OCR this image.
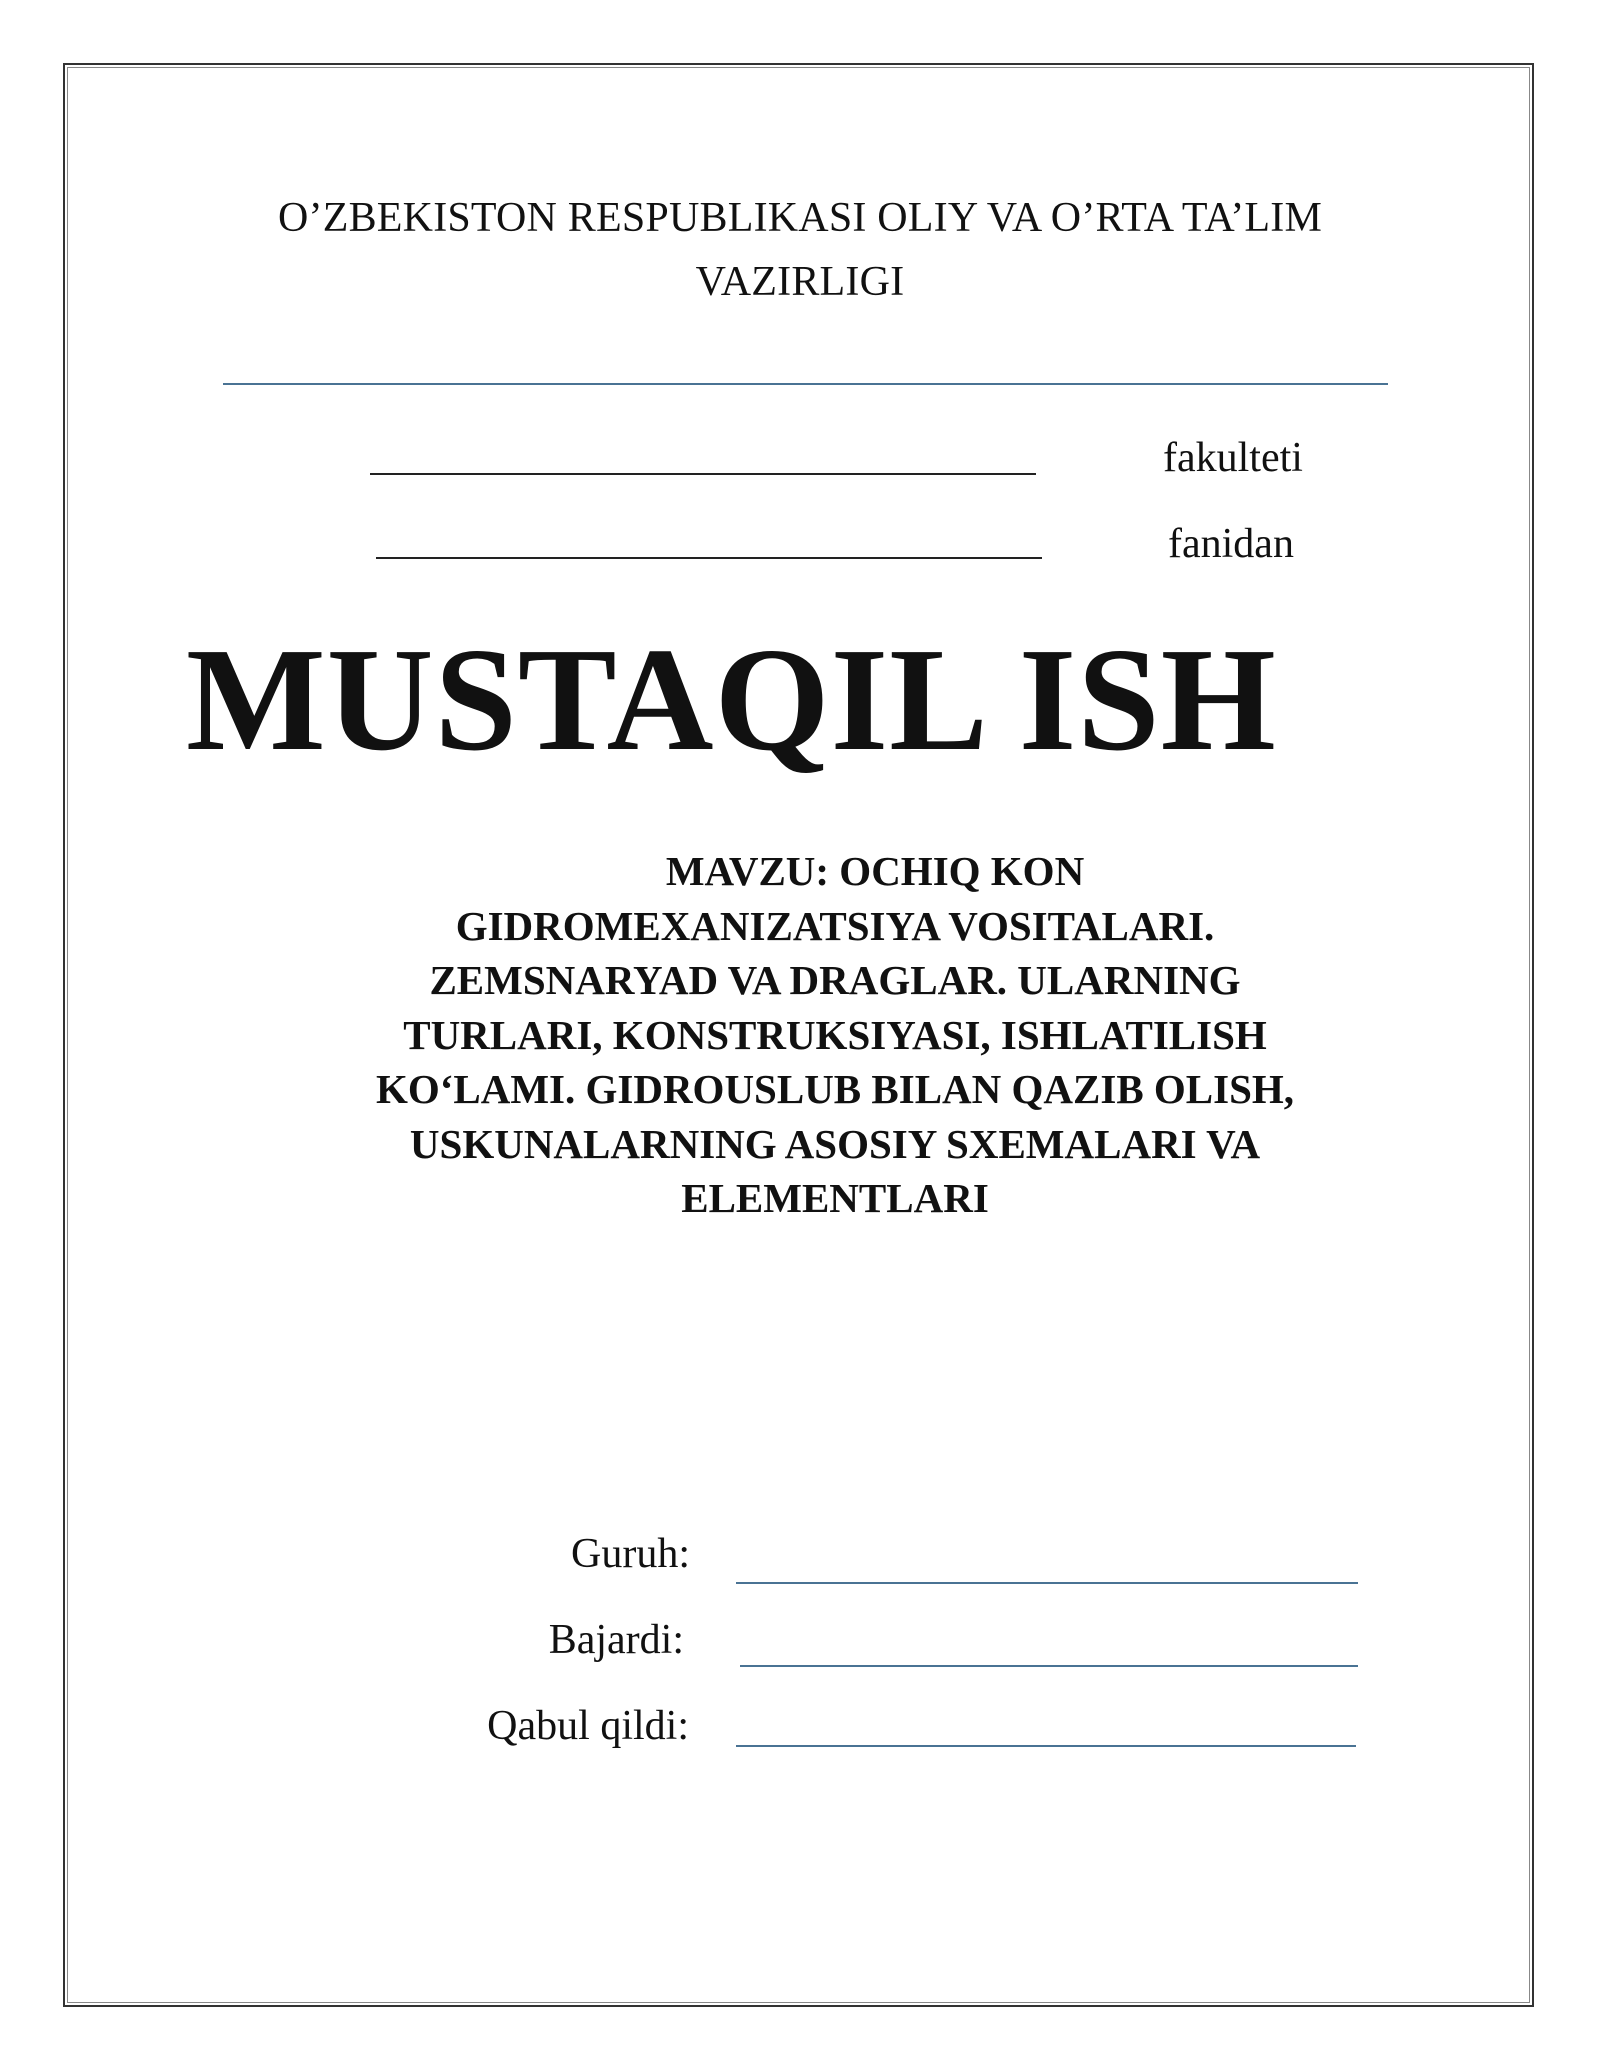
O’ZBEKISTON RESPUBLIKASI OLIY VA O’RTA TA’LIM
VAZIRLIGI
fakulteti
fanidan
MUSTAQIL ISH
MAVZU: OCHIQ KON
GIDROMEXANIZATSIYA VOSITALARI.
ZEMSNARYAD VA DRAGLAR. ULARNING
TURLARI, KONSTRUKSIYASI, ISHLATILISH
KO‘LAMI. GIDROUSLUB BILAN QAZIB OLISH,
USKUNALARNING ASOSIY SXEMALARI VA
ELEMENTLARI
Guruh:
Bajardi:
Qabul qildi:
